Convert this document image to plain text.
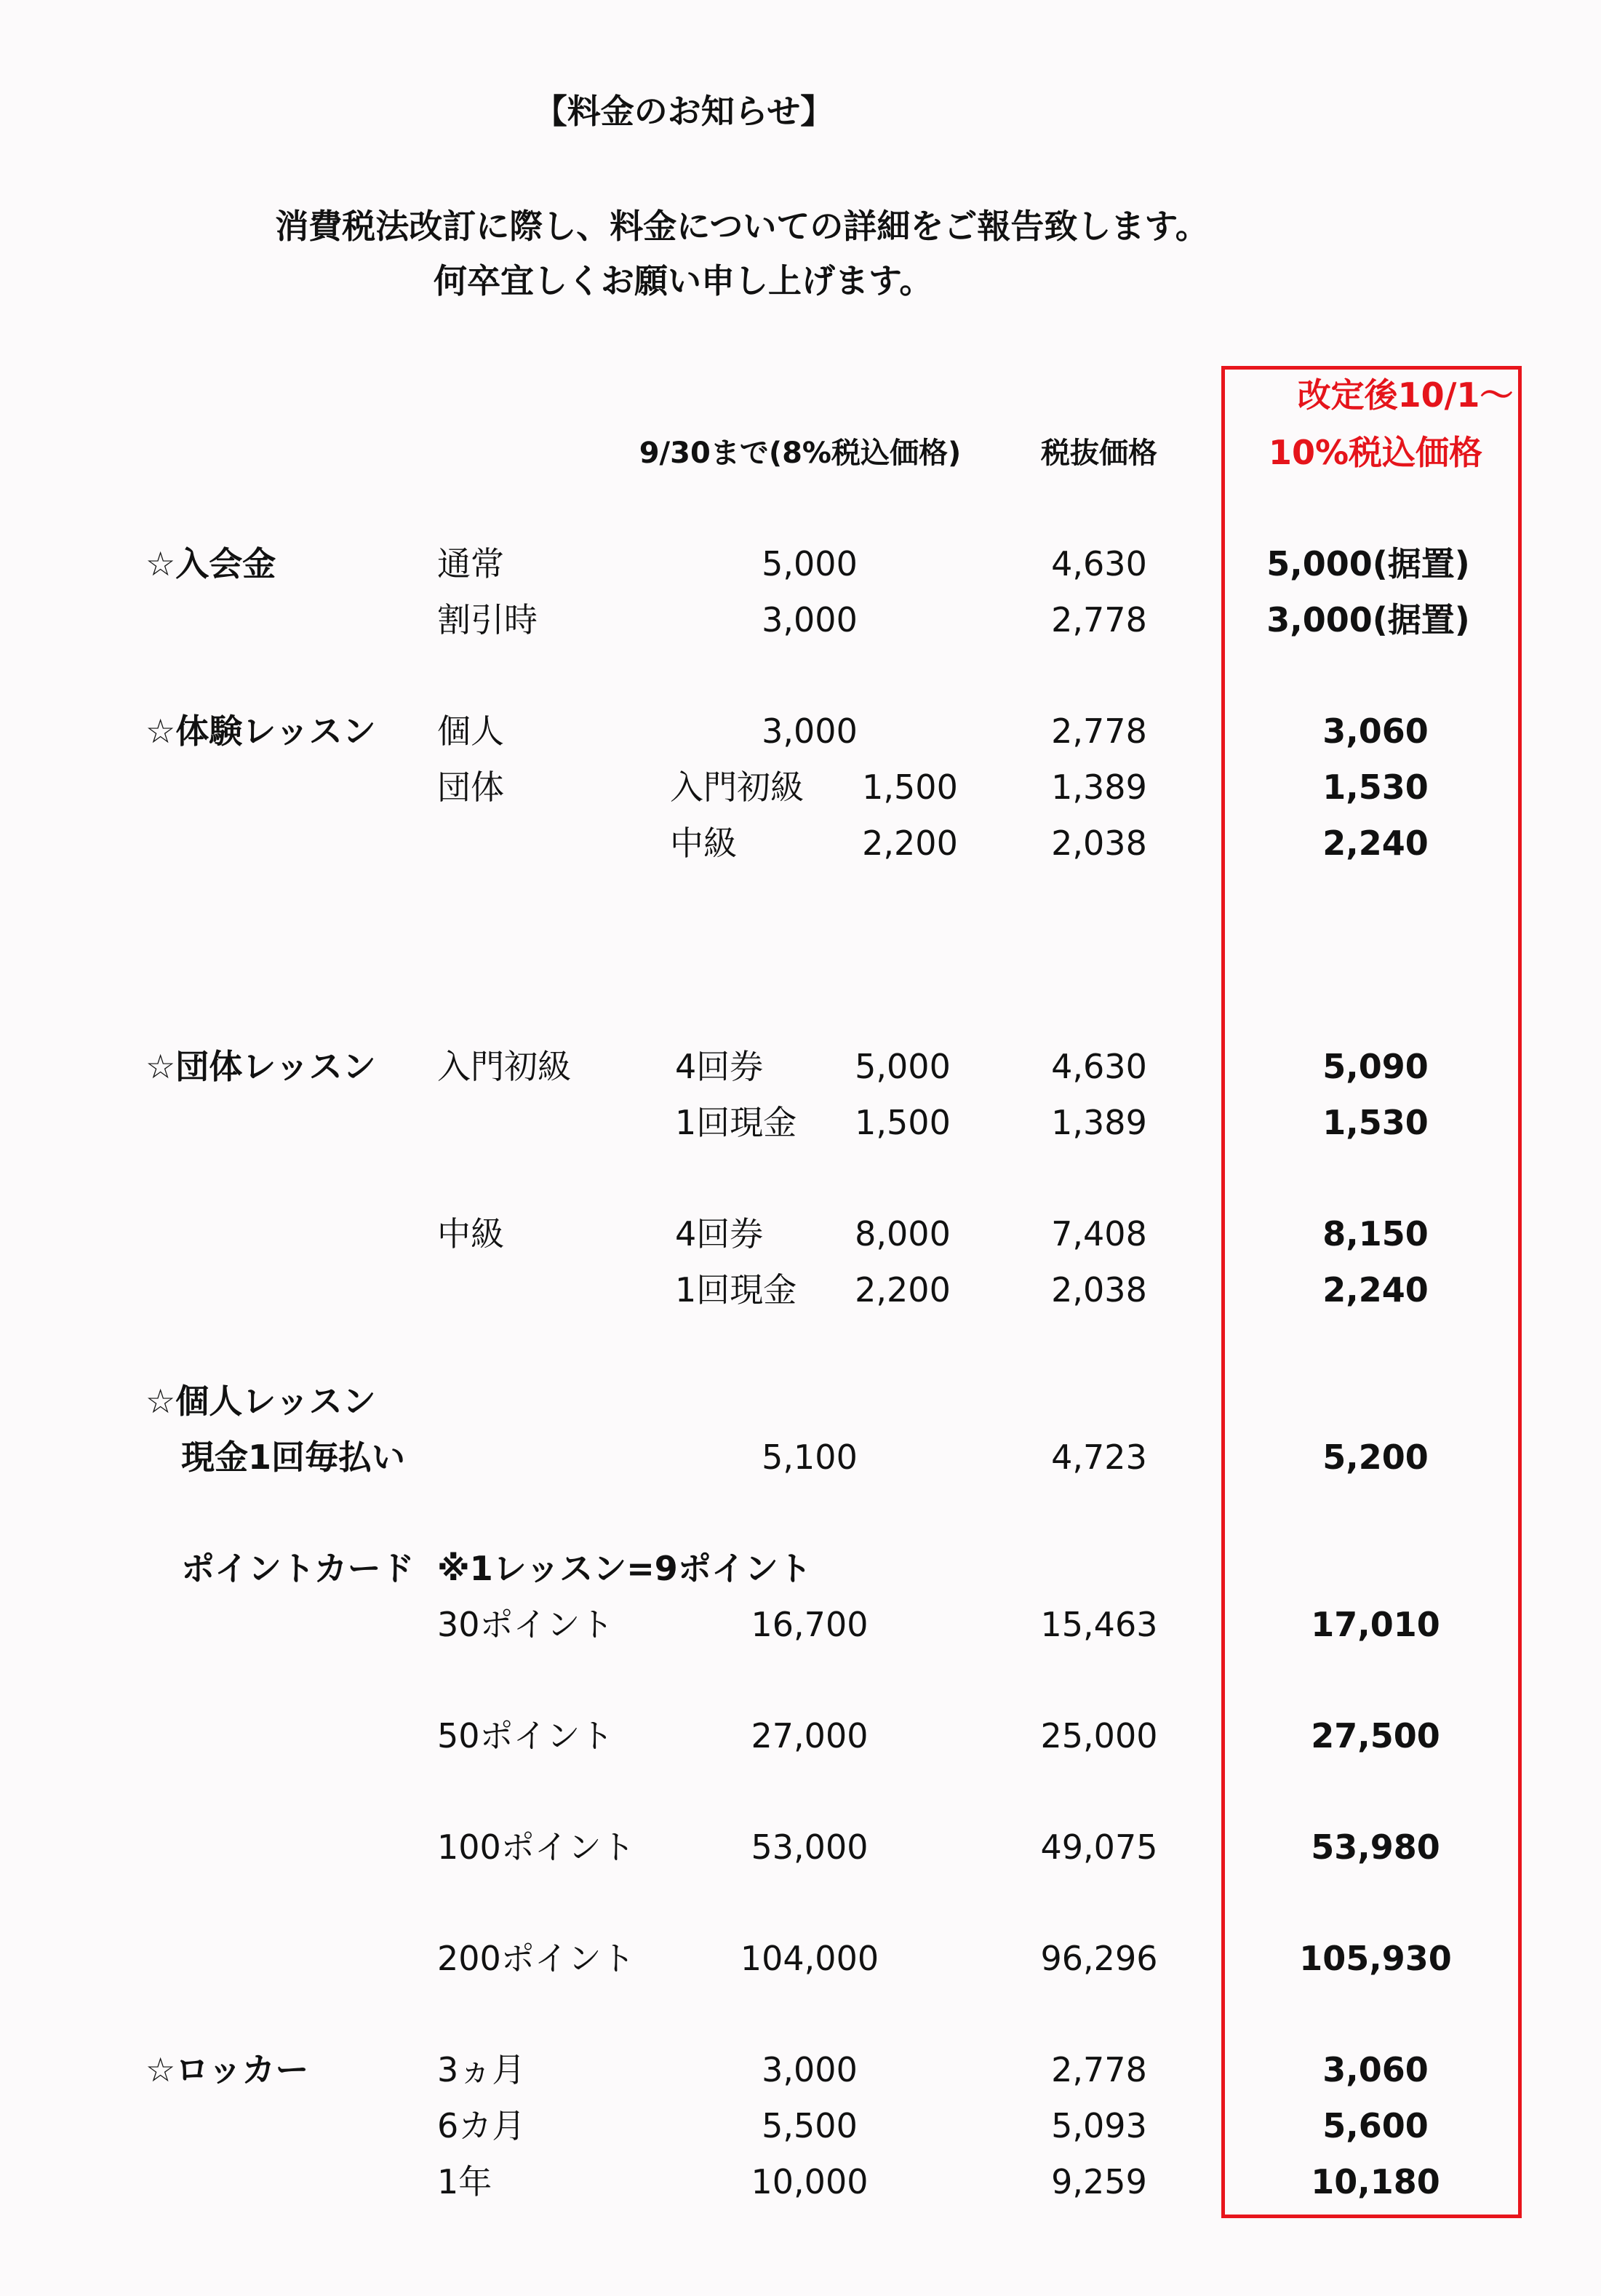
【料金のお知らせ】
消費税法改訂に際し、料金についての詳細をご報告致します。
何卒宜しくお願い申し上げます。
9/30まで(8%税込価格)	税抜価格
改定後10/1～
10%税込価格
☆入会金	通常	5,000	4,630	5,000(据置)
割引時	3,000	2,778	3,000(据置)
☆体験レッスン 個人	3,000	2,778	3,060
団体	入門初級 1,500	1,389	1,530
中級	2,200	2,038	2,240
☆団体レッスン 入門初級	4回券	5,000	4,630	5,090
1回現金 1,500	1,389	1,530
中級	4回券	8,000	7,408	8,150
1回現金 2,200	2,038	2,240
☆個人レッスン
現金1回毎払い	5,100	4,723	5,200
ポイントカード ※1レッスン=9ポイント
30ポイント	16,700	15,463	17,010
50ポイント	27,000	25,000	27,500
100ポイント	53,000	49,075	53,980
200ポイント	104,000	96,296	105,930
☆ロッカー	3ヵ月	3,000	2,778	3,060
6カ月	5,500	5,093	5,600
1年	10,000	9,259	10,180
